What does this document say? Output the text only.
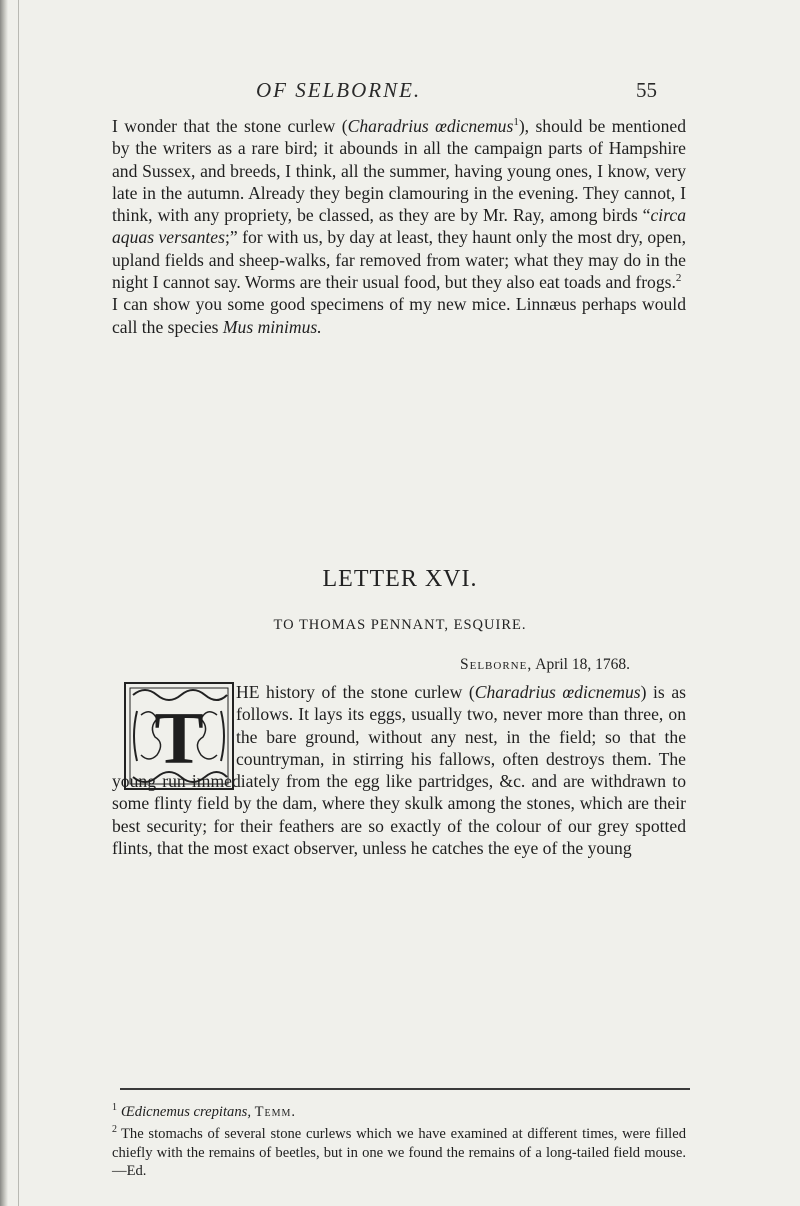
OF SELBORNE.	55

I wonder that the stone curlew (Charadrius œdicnemus$^1$), should be mentioned by the writers as a rare bird; it abounds in all the campaign parts of Hampshire and Sussex, and breeds, I think, all the summer, having young ones, I know, very late in the autumn. Already they begin clamouring in the evening. They cannot, I think, with any propriety, be classed, as they are by Mr. Ray, among birds “circa aquas versantes;” for with us, by day at least, they haunt only the most dry, open, upland fields and sheep-walks, far removed from water; what they may do in the night I cannot say. Worms are their usual food, but they also eat toads and frogs.$^2$

I can show you some good specimens of my new mice. Linnæus perhaps would call the species Mus minimus.

LETTER XVI.
TO THOMAS PENNANT, ESQUIRE.
Selborne, April 18, 1768.
T

HE history of the stone curlew (Charadrius œdicnemus) is as follows. It lays its eggs, usually two, never more than three, on the bare ground, without any nest, in the field; so that the countryman, in stirring his fallows, often destroys them. The young run immediately from the egg like partridges, &c. and are withdrawn to some flinty field by the dam, where they skulk among the stones, which are their best security; for their feathers are so exactly of the colour of our grey spotted flints, that the most exact observer, unless he catches the eye of the young

$^1$ Œdicnemus crepitans, Temm.

$^2$ The stomachs of several stone curlews which we have examined at different times, were filled chiefly with the remains of beetles, but in one we found the remains of a long-tailed field mouse.—Ed.
